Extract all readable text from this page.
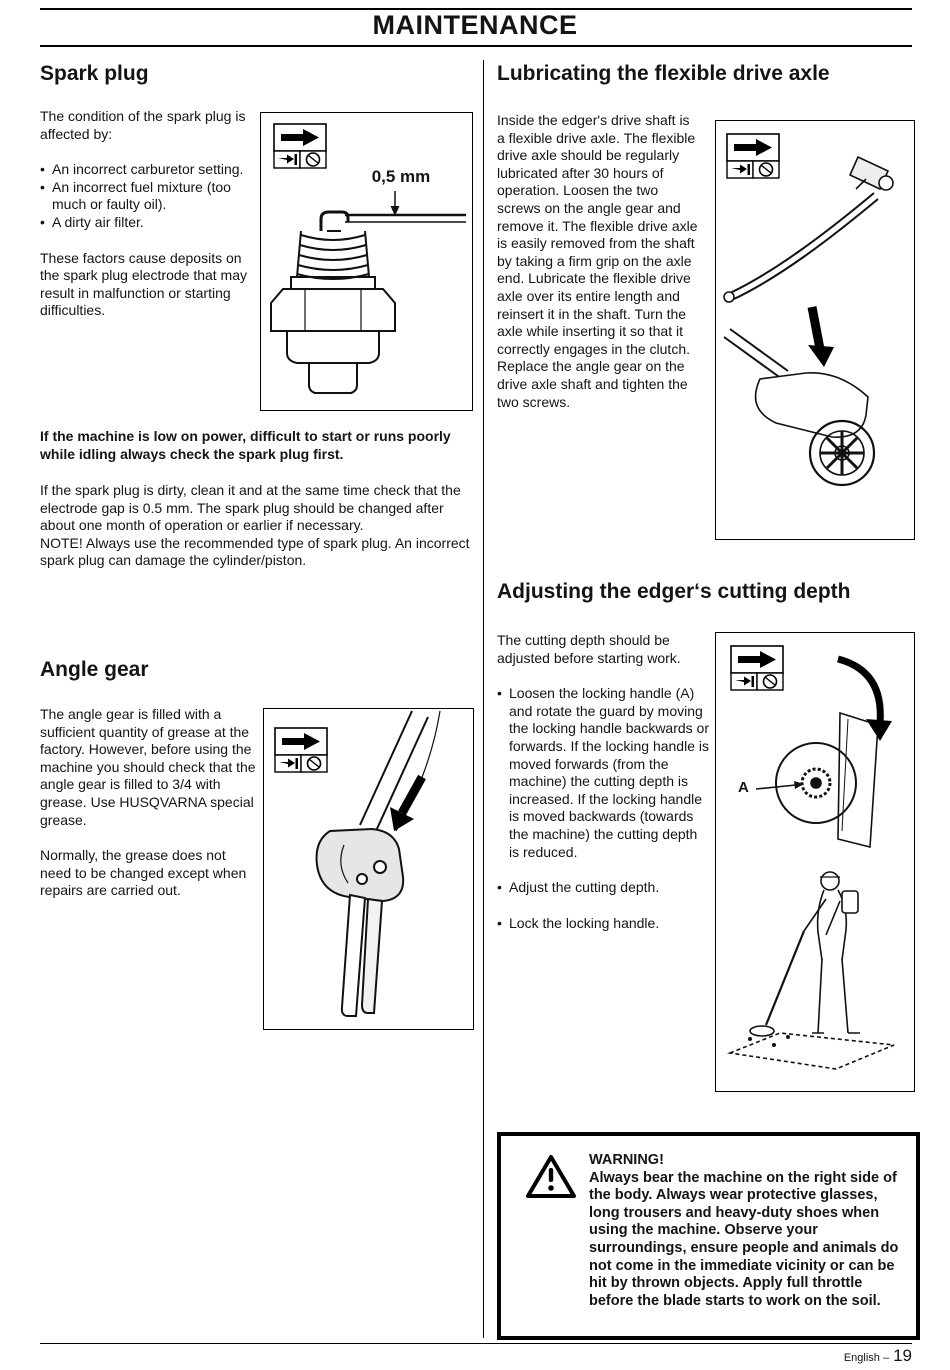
MAINTENANCE
Spark plug
The condition of the spark plug is affected by:
• An incorrect carburetor setting.
• An incorrect fuel mixture (too much or faulty oil).
• A dirty air filter.
These factors cause deposits on the spark plug electrode that may result in malfunction or starting difficulties.
0,5 mm
If the machine is low on power, difficult to start or runs poorly while idling always check the spark plug first.
If the spark plug is dirty, clean it and at the same time check that the electrode gap is 0.5 mm. The spark plug should be changed after about one month of operation or earlier if necessary.
NOTE! Always use the recommended type of spark plug. An incorrect spark plug can damage the cylinder/piston.
Angle gear
The angle gear is filled with a sufficient quantity of grease at the factory. However, before using the machine you should check that the angle gear is filled to 3/4 with grease. Use HUSQVARNA special grease.
Normally, the grease does not need to be changed except when repairs are carried out.
Lubricating the flexible drive axle
Inside the edger's drive shaft is a flexible drive axle. The flexible drive axle should be regularly lubricated after 30 hours of operation. Loosen the two screws on the angle gear and remove it. The flexible drive axle is easily removed from the shaft by taking a firm grip on the axle end. Lubricate the flexible drive axle over its entire length and reinsert it in the shaft. Turn the axle while inserting it so that it correctly engages in the clutch. Replace the angle gear on the drive axle shaft and tighten the two screws.
Adjusting the edger‘s cutting depth
The cutting depth should be adjusted before starting work.
• Loosen the locking handle (A) and rotate the guard by moving the locking handle backwards or forwards. If the locking handle is moved forwards (from the machine) the cutting depth is increased. If the locking handle is moved backwards (towards the machine) the cutting depth is reduced.
• Adjust the cutting depth.
• Lock the locking handle.
A
WARNING!
Always bear the machine on the right side of the body. Always wear protective glasses, long trousers and heavy-duty shoes when using the machine. Observe your surroundings, ensure people and animals do not come in the immediate vicinity or can be hit by thrown objects. Apply full throttle before the blade starts to work on the soil.
English – 19
